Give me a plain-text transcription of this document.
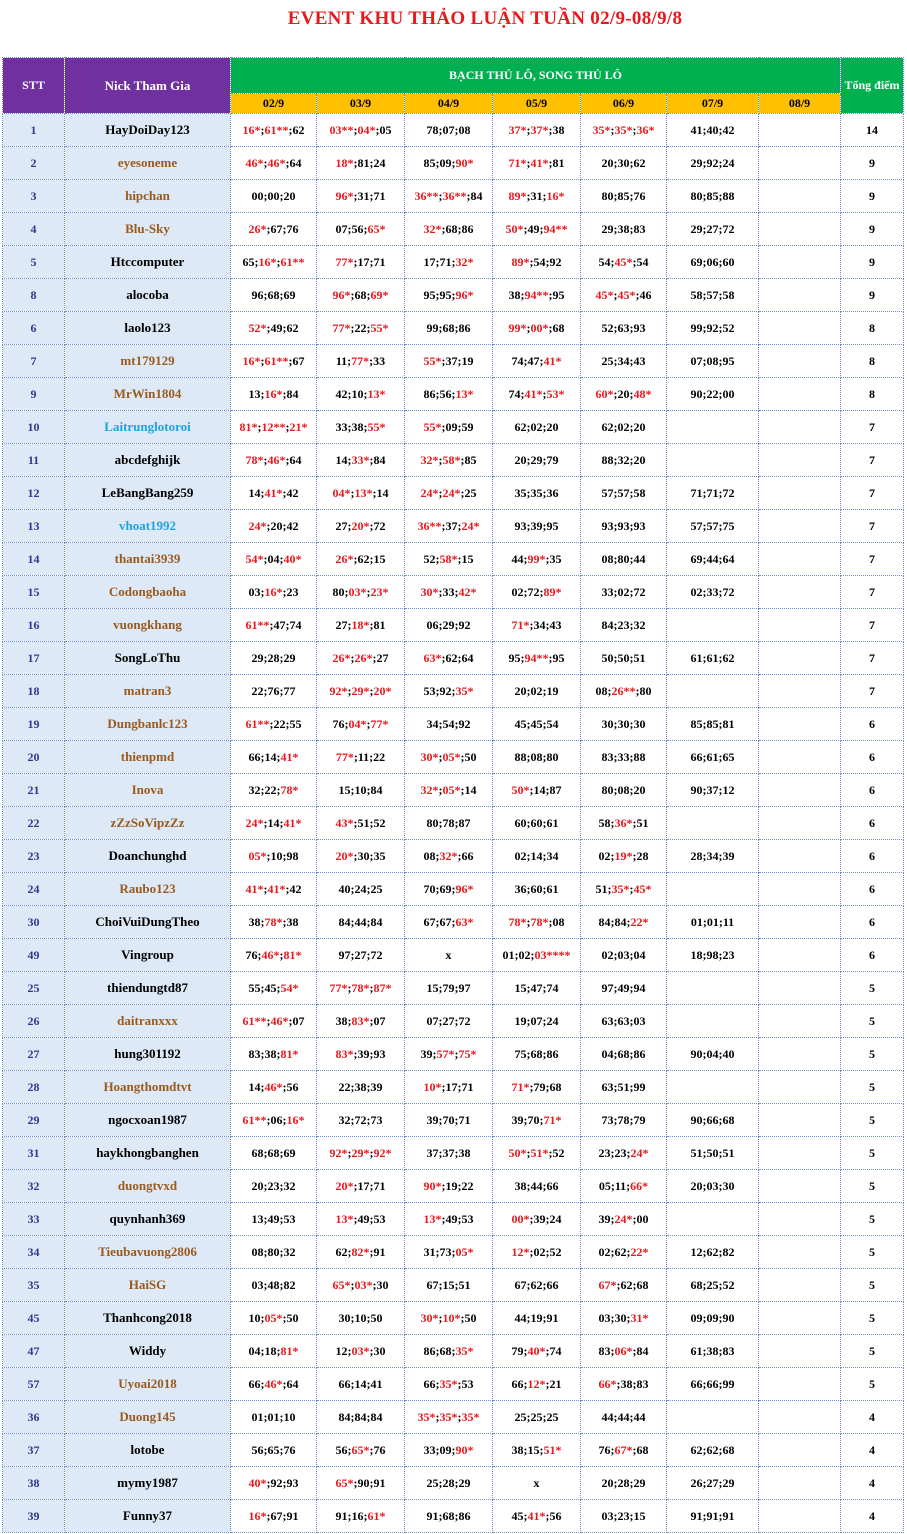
EVENT KHU THẢO LUẬN TUẦN 02/9-08/9/8
STT	Nick Tham Gia	BẠCH THỦ LÔ, SONG THỦ LÔ							Tổng điểm
		02/9	03/9	04/9	05/9	06/9	07/9	08/9	
1	HayDoiDay123	16*;61**;62	03**;04*;05	78;07;08	37*;37*;38	35*;35*;36*	41;40;42		14
2	eyesoneme	46*;46*;64	18*;81;24	85;09;90*	71*;41*;81	20;30;62	29;92;24		9
3	hipchan	00;00;20	96*;31;71	36**;36**;84	89*;31;16*	80;85;76	80;85;88		9
4	Blu-Sky	26*;67;76	07;56;65*	32*;68;86	50*;49;94**	29;38;83	29;27;72		9
5	Htccomputer	65;16*;61**	77*;17;71	17;71;32*	89*;54;92	54;45*;54	69;06;60		9
8	alocoba	96;68;69	96*;68;69*	95;95;96*	38;94**;95	45*;45*;46	58;57;58		9
6	laolo123	52*;49;62	77*;22;55*	99;68;86	99*;00*;68	52;63;93	99;92;52		8
7	mt179129	16*;61**;67	11;77*;33	55*;37;19	74;47;41*	25;34;43	07;08;95		8
9	MrWin1804	13;16*;84	42;10;13*	86;56;13*	74;41*;53*	60*;20;48*	90;22;00		8
10	Laitrunglotoroi	81*;12**;21*	33;38;55*	55*;09;59	62;02;20	62;02;20			7
11	abcdefghijk	78*;46*;64	14;33*;84	32*;58*;85	20;29;79	88;32;20			7
12	LeBangBang259	14;41*;42	04*;13*;14	24*;24*;25	35;35;36	57;57;58	71;71;72		7
13	vhoat1992	24*;20;42	27;20*;72	36**;37;24*	93;39;95	93;93;93	57;57;75		7
14	thantai3939	54*;04;40*	26*;62;15	52;58*;15	44;99*;35	08;80;44	69;44;64		7
15	Codongbaoha	03;16*;23	80;03*;23*	30*;33;42*	02;72;89*	33;02;72	02;33;72		7
16	vuongkhang	61**;47;74	27;18*;81	06;29;92	71*;34;43	84;23;32			7
17	SongLoThu	29;28;29	26*;26*;27	63*;62;64	95;94**;95	50;50;51	61;61;62		7
18	matran3	22;76;77	92*;29*;20*	53;92;35*	20;02;19	08;26**;80			7
19	Dungbanlc123	61**;22;55	76;04*;77*	34;54;92	45;45;54	30;30;30	85;85;81		6
20	thienpmd	66;14;41*	77*;11;22	30*;05*;50	88;08;80	83;33;88	66;61;65		6
21	Inova	32;22;78*	15;10;84	32*;05*;14	50*;14;87	80;08;20	90;37;12		6
22	zZzSoVipzZz	24*;14;41*	43*;51;52	80;78;87	60;60;61	58;36*;51			6
23	Doanchunghd	05*;10;98	20*;30;35	08;32*;66	02;14;34	02;19*;28	28;34;39		6
24	Raubo123	41*;41*;42	40;24;25	70;69;96*	36;60;61	51;35*;45*			6
30	ChoiVuiDungTheo	38;78*;38	84;44;84	67;67;63*	78*;78*;08	84;84;22*	01;01;11		6
49	Vingroup	76;46*;81*	97;27;72	x	01;02;03****	02;03;04	18;98;23		6
25	thiendungtd87	55;45;54*	77*;78*;87*	15;79;97	15;47;74	97;49;94			5
26	daitranxxx	61**;46*;07	38;83*;07	07;27;72	19;07;24	63;63;03			5
27	hung301192	83;38;81*	83*;39;93	39;57*;75*	75;68;86	04;68;86	90;04;40		5
28	Hoangthomdtvt	14;46*;56	22;38;39	10*;17;71	71*;79;68	63;51;99			5
29	ngocxoan1987	61**;06;16*	32;72;73	39;70;71	39;70;71*	73;78;79	90;66;68		5
31	haykhongbanghen	68;68;69	92*;29*;92*	37;37;38	50*;51*;52	23;23;24*	51;50;51		5
32	duongtvxd	20;23;32	20*;17;71	90*;19;22	38;44;66	05;11;66*	20;03;30		5
33	quynhanh369	13;49;53	13*;49;53	13*;49;53	00*;39;24	39;24*;00			5
34	Tieubavuong2806	08;80;32	62;82*;91	31;73;05*	12*;02;52	02;62;22*	12;62;82		5
35	HaiSG	03;48;82	65*;03*;30	67;15;51	67;62;66	67*;62;68	68;25;52		5
45	Thanhcong2018	10;05*;50	30;10;50	30*;10*;50	44;19;91	03;30;31*	09;09;90		5
47	Widdy	04;18;81*	12;03*;30	86;68;35*	79;40*;74	83;06*;84	61;38;83		5
57	Uyoai2018	66;46*;64	66;14;41	66;35*;53	66;12*;21	66*;38;83	66;66;99		5
36	Duong145	01;01;10	84;84;84	35*;35*;35*	25;25;25	44;44;44			4
37	lotobe	56;65;76	56;65*;76	33;09;90*	38;15;51*	76;67*;68	62;62;68		4
38	mymy1987	40*;92;93	65*;90;91	25;28;29	x	20;28;29	26;27;29		4
39	Funny37	16*;67;91	91;16;61*	91;68;86	45;41*;56	03;23;15	91;91;91		4
